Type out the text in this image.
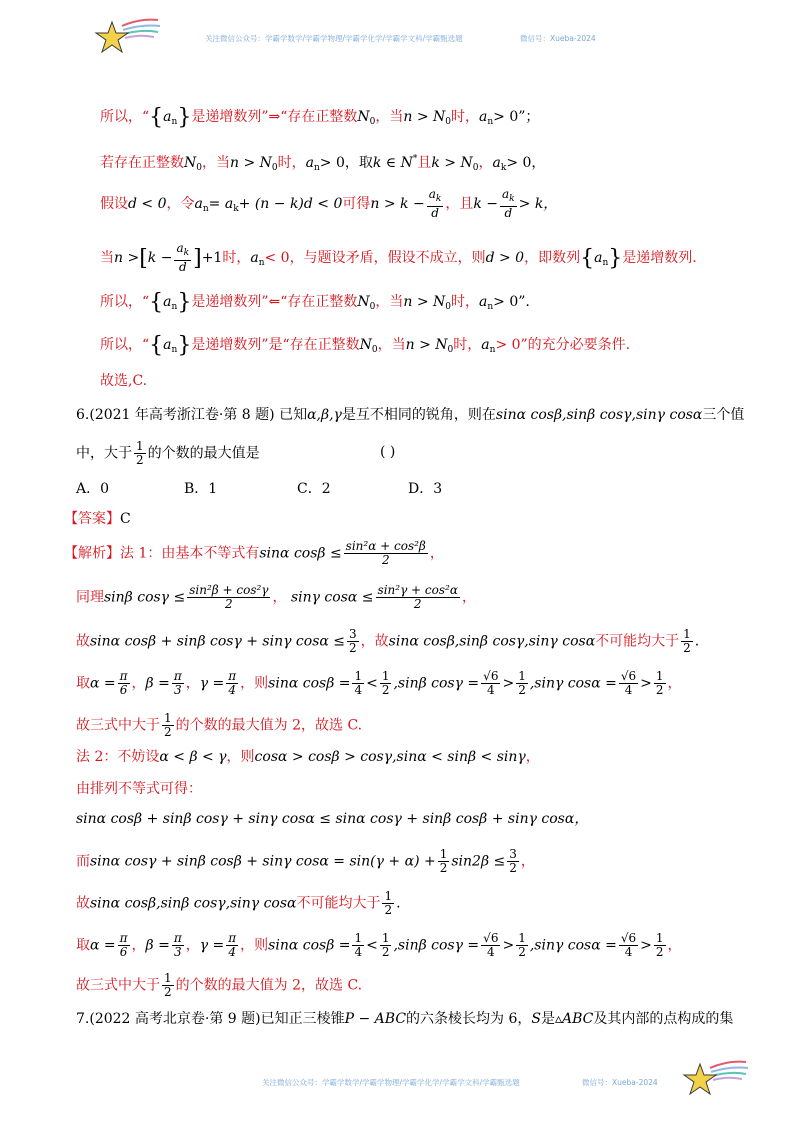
关注微信公众号：学霸学数学/学霸学物理/学霸学化学/学霸学文科/学霸甄选题	微信号：Xueba-2024
所以，“$\{a_n\}$是递增数列”⇒“存在正整数$N_0$，当$n > N_0$时，$a_n> 0$”；
若存在正整数$N_0$，当$n > N_0$时，$a_n> 0$，取k ∈ N*且$k > N_0$，$a_k> 0$，
假设d < 0，令$a_n= a_k+ (n - k)d < 0$可得$n > k - \frac{a_k}{d}$ ，且$k - \frac{a_k}{d} > k$，
当$n >[k - \frac{a_k}{d} ]+1$时，$a_n< 0$，与题设矛盾，假设不成立，则d > 0，即数列$\{a_n\}$是递增数列.
所以，“$\{a_n\}$是递增数列”⇐“存在正整数$N_0$，当$n > N_0$时，$a_n> 0$”.
所以，“$\{a_n\}$是递增数列”是“存在正整数$N_0$，当$n > N_0$时，$a_n> 0$”的充分必要条件.
故选,C.
6.(2021 年高考浙江卷·第 8 题) 已知α,β,γ是互不相同的锐角，则在sinα cosβ,sinβ cosγ,sinγ cosα三个值
中，大于 $\frac{1}{2}$ 的个数的最大值是	( )
A．0	B．1	C．2	D．3
【答案】C
【解析】法 1：由基本不等式有sinα $\cos\beta \le \frac{\text{sin²α + cos²β}}{2}$ ，
同理sinβ $\cos\gamma \le \frac{\text{sin²β + cos²γ}}{2}$ ， sinγ $\cos\alpha \le \frac{\text{sin²γ + cos²α}}{2}$ ，
故sinα cosβ + sinβ cosγ + sinγ $\cos\alpha \le \frac{3}{2}$ ，故sinα cosβ,sinβ cosγ,sinγ cosα不可能均大于 $\frac{1}{2}$ .
取$\alpha = \frac{\pi}{6}$ ，$\beta = \frac{\pi}{3}$ ，$\gamma = \frac{\pi}{4}$ ，则sinα $\cos\beta = \frac{1}{4} < \frac{1}{2} ,\sin\beta$ $\cos\gamma = \frac{√6}{4} > \frac{1}{2} ,\sin\gamma$ $\cos\alpha = \frac{√6}{4} > \frac{1}{2}$ ，
故三式中大于 $\frac{1}{2}$ 的个数的最大值为 2，故选 C.
法 2：不妨设α < β < γ，则cosα > cosβ > cosγ,sinα < sinβ < sinγ，
由排列不等式可得：
sinα cosβ + sinβ cosγ + sinγ cosα ≤ sinα cosγ + sinβ cosβ + sinγ cosα，
而sinα cosγ + sinβ cosβ + sinγ $\cos\alpha = \sin(\gamma + \alpha) + \frac{1}{2} \sin 2\beta \le \frac{3}{2}$ ，
故sinα cosβ,sinβ cosγ,sinγ cosα不可能均大于 $\frac{1}{2}$ .
取$\alpha = \frac{\pi}{6}$ ，$\beta = \frac{\pi}{3}$ ，$\gamma = \frac{\pi}{4}$ ，则sinα $\cos\beta = \frac{1}{4} < \frac{1}{2} ,\sin\beta$ $\cos\gamma = \frac{√6}{4} > \frac{1}{2} ,\sin\gamma$ $\cos\alpha = \frac{√6}{4} > \frac{1}{2}$ ，
故三式中大于 $\frac{1}{2}$ 的个数的最大值为 2，故选 C.
7.(2022 高考北京卷·第 9 题)已知正三棱锥P − ABC的六条棱长均为 6，S是▵ABC及其内部的点构成的集
关注微信公众号：学霸学数学/学霸学物理/学霸学化学/学霸学文科/学霸甄选题	微信号：Xueba-2024
